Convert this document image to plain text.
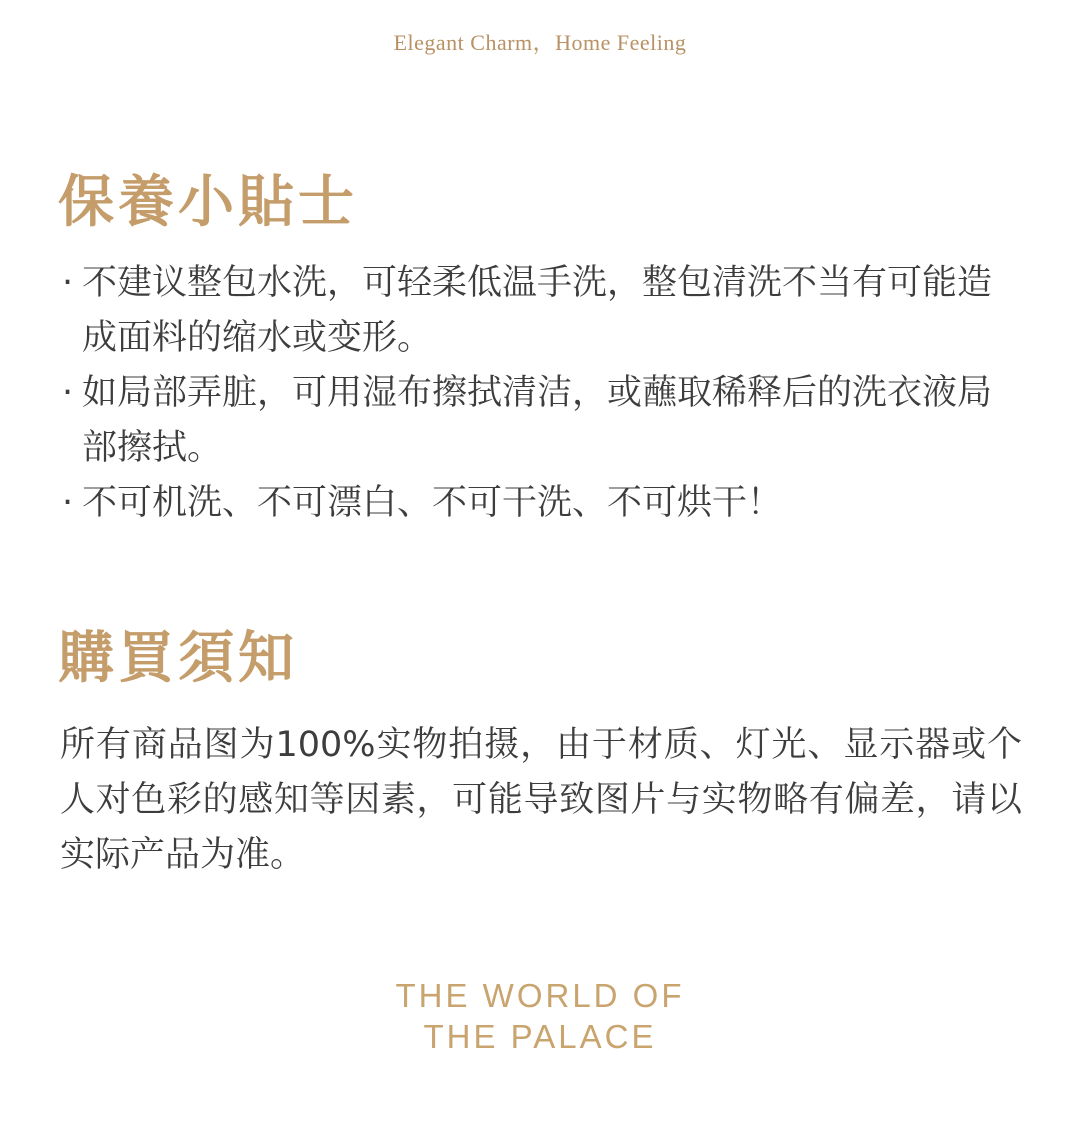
Elegant Charm，Home Feeling
保養小貼士
· 不建议整包水洗，可轻柔低温手洗，整包清洗不当有可能造成面料的缩水或变形。
· 如局部弄脏，可用湿布擦拭清洁，或蘸取稀释后的洗衣液局部擦拭。
· 不可机洗、不可漂白、不可干洗、不可烘干！
購買須知

所有商品图为100%实物拍摄，由于材质、灯光、显示器或个人对色彩的感知等因素，可能导致图片与实物略有偏差，请以实际产品为准。

THE WORLD OF
THE PALACE
